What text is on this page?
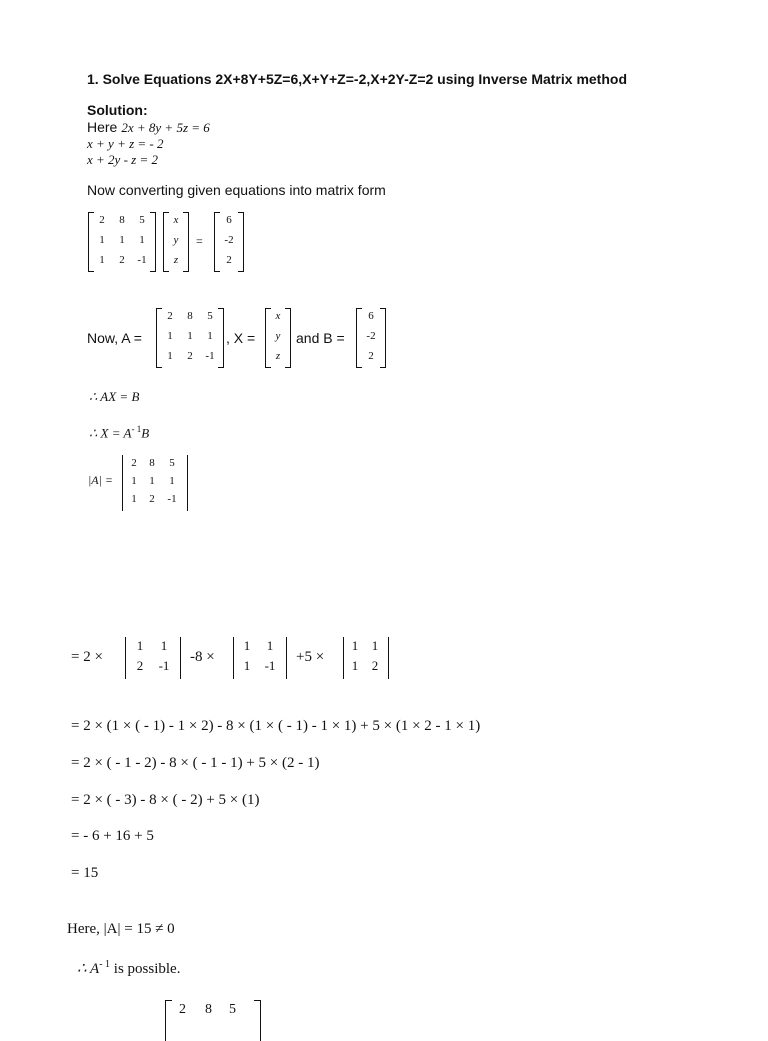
1. Solve Equations 2X+8Y+5Z=6,X+Y+Z=-2,X+2Y-Z=2 using Inverse Matrix method
Solution:
Here 2x + 8y + 5z = 6
x + y + z = - 2
x + 2y - z = 2
Now converting given equations into matrix form
2	8	5
1	1	1
1	2	-1
x
y
z
=
6
-2
2
Now, A =
2	8	5
1	1	1
1	2	-1
, X =
x
y
z
and B =
6
-2
2
∴ AX = B
∴ $X = A^{- 1}B$
|A| =
2	8	5
1	1	1
1	2	-1
= 2 ×
1	1
2	-1
-8 ×
1	1
1	-1
+5 ×
1	1
1	2
= 2 × (1 × ( - 1) - 1 × 2) - 8 × (1 × ( - 1) - 1 × 1) + 5 × (1 × 2 - 1 × 1)
= 2 × ( - 1 - 2) - 8 × ( - 1 - 1) + 5 × (2 - 1)
= 2 × ( - 3) - 8 × ( - 2) + 5 × (1)
= - 6 + 16 + 5
= 15
Here, |A| = 15 ≠ 0
∴ $A^{- 1}$ is possible.
2 8 5
